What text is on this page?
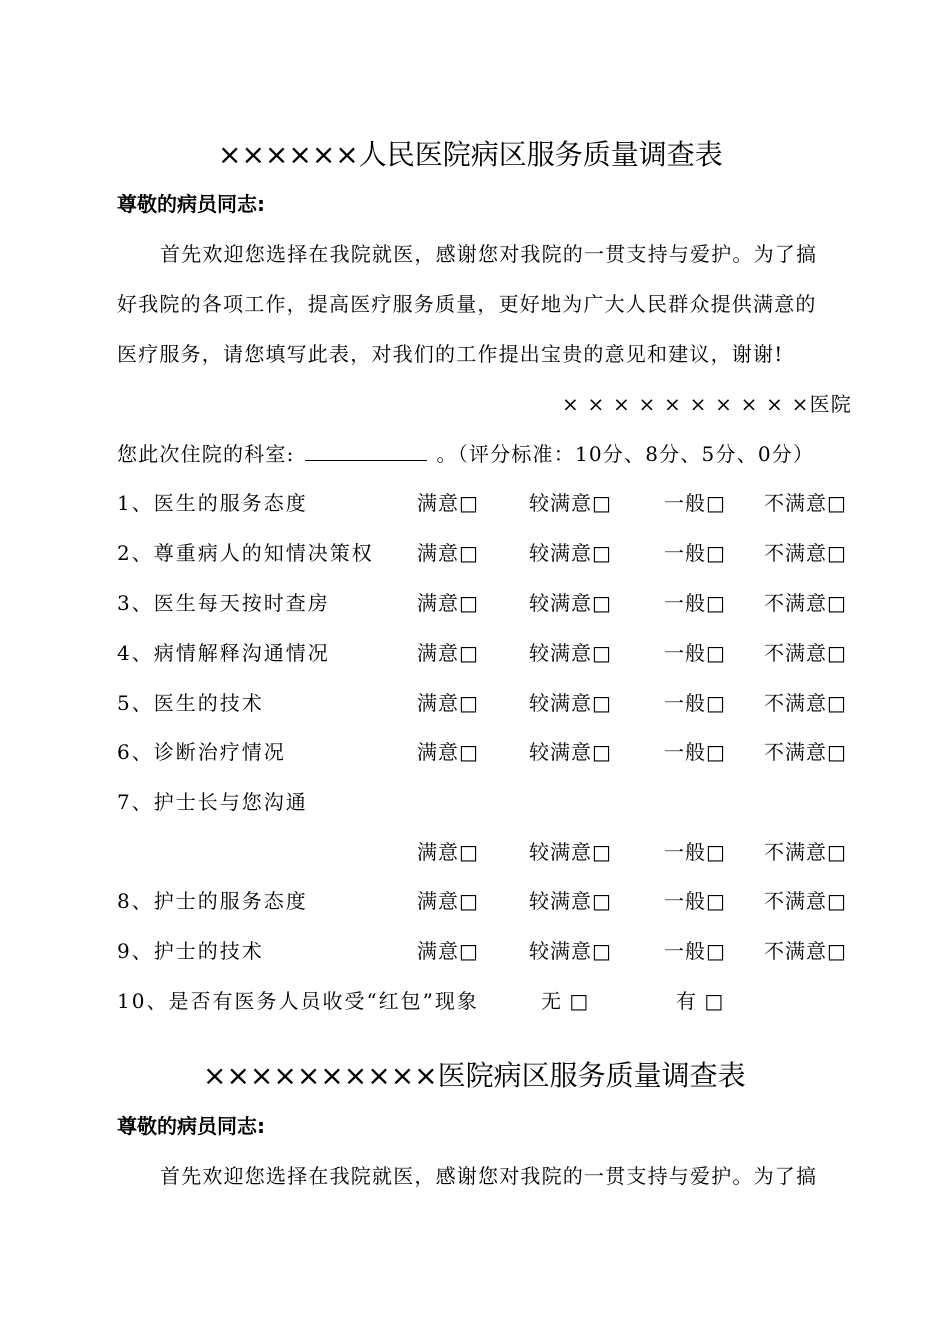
××××××人民医院病区服务质量调查表
尊敬的病员同志:
首先欢迎您选择在我院就医，感谢您对我院的一贯支持与爱护。为了搞
好我院的各项工作，提高医疗服务质量，更好地为广大人民群众提供满意的
医疗服务，请您填写此表，对我们的工作提出宝贵的意见和建议，谢谢!
× × × × × × × × × ×医院
您此次住院的科室:	。（评分标准：10分、8分、5分、0分）
1、医生的服务态度	满意□	较满意□	一般□ 不满意□
2、尊重病人的知情决策权 满意□	较满意□	一般□ 不满意□
3、医生每天按时查房	满意□	较满意□	一般□ 不满意□
4、病情解释沟通情况	满意□	较满意□	一般□ 不满意□
5、医生的技术	满意□	较满意□	一般□ 不满意□
6、诊断治疗情况	满意□	较满意□	一般□ 不满意□
7、护士长与您沟通
满意□	较满意□	一般□ 不满意□
8、护士的服务态度	满意□	较满意□	一般□ 不满意□
9、护士的技术	满意□	较满意□	一般□ 不满意□
10、是否有医务人员收受“红包”现象	无 □	有 □
××××××××××医院病区服务质量调查表
尊敬的病员同志:
首先欢迎您选择在我院就医，感谢您对我院的一贯支持与爱护。为了搞
